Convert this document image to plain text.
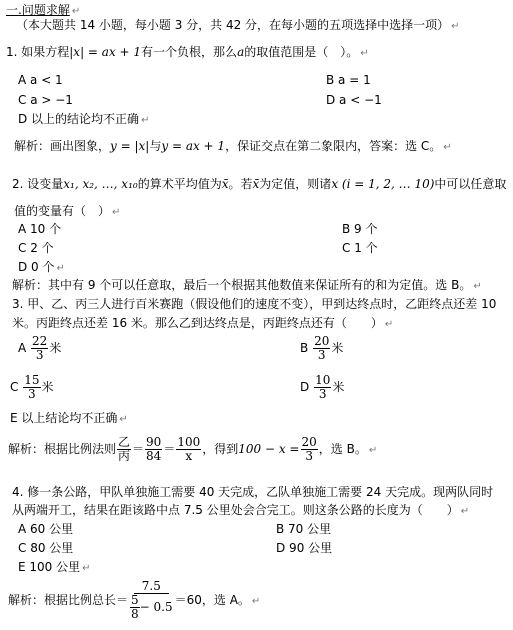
一.问题求解 ↵
（本大题共 14 小题，每小题 3 分，共 42 分，在每小题的五项选择中选择一项） ↵
1. 如果方程|x| = ax + 1有一个负根，那么a的取值范围是（　）。 ↵
A a < 1	B a = 1
C a > −1	D a < −1
D 以上的结论均不正确 ↵
解析：画出图象，y = |x|与y = ax + 1，保证交点在第二象限内，答案：选 C。 ↵
2. 设变量x₁, x₂, …, x₁₀的算术平均值为x̄。若x̄为定值，则诸x (i = 1, 2, … 10)中可以任意取
值的变量有（　） ↵
A 10 个	B 9 个
C 2 个	C 1 个
D 0 个 ↵
解析：其中有 9 个可以任意取，最后一个根据其他数值来保证所有的和为定值。选 B。 ↵
3. 甲、乙、丙三人进行百米赛跑（假设他们的速度不变），甲到达终点时，乙距终点还差 10
米。丙距终点还差 16 米。那么乙到达终点是，丙距终点还有（　　） ↵
A $\frac{22}{3}$ 米	B $\frac{20}{3}$ 米
C $\frac{15}{3}$ 米	D $\frac{10}{3}$ 米
E 以上结论均不正确 ↵
解析：根据比例法则 $\frac{\text{乙}}{\text{丙}} = \frac{90}{84} = \frac{100}{x}$ ，得到$100 - x = \frac{20}{3}$ ，选 B。 ↵
4. 修一条公路，甲队单独施工需要 40 天完成，乙队单独施工需要 24 天完成。现两队同时
从两端开工，结果在距该路中点 7.5 公里处会合完工。则这条公路的长度为（　　） ↵
A 60 公里	B 70 公里
C 80 公里	D 90 公里
E 100 公里 ↵
解析：根据比例总长＝ $\frac{7.5}{\frac{5}{8} - 0.5} =60$，选 A。 ↵
